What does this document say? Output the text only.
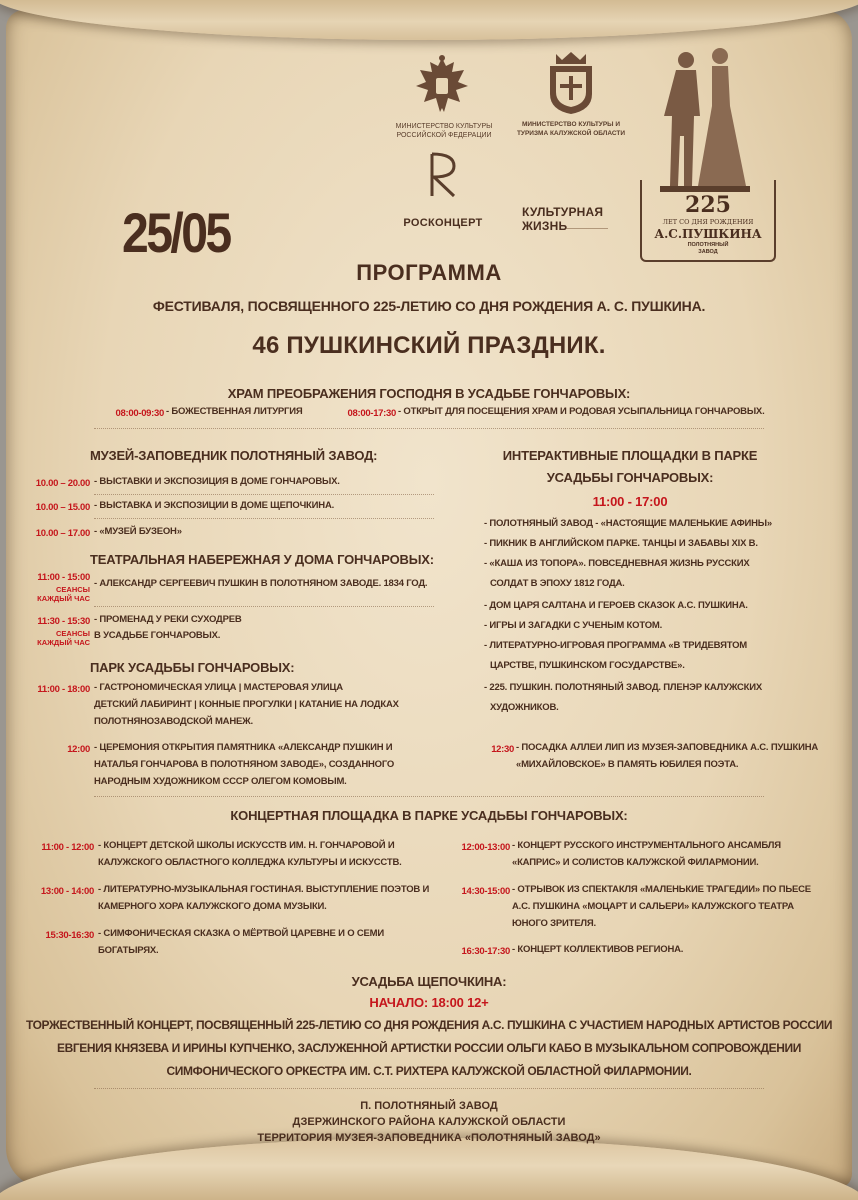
МИНИСТЕРСТВО КУЛЬТУРЫ РОССИЙСКОЙ ФЕДЕРАЦИИ
МИНИСТЕРСТВО КУЛЬТУРЫ И ТУРИЗМА КАЛУЖСКОЙ ОБЛАСТИ
РОСКОНЦЕРТ
КУЛЬТУРНАЯ
ЖИЗНЬ
225
ЛЕТ СО ДНЯ РОЖДЕНИЯ
А.С.ПУШКИНА
ПОЛОТНЯНЫЙ
ЗАВОД
25/05
ПРОГРАММА
ФЕСТИВАЛЯ, ПОСВЯЩЕННОГО 225-ЛЕТИЮ СО ДНЯ РОЖДЕНИЯ А. С. ПУШКИНА.
46 ПУШКИНСКИЙ ПРАЗДНИК.
ХРАМ ПРЕОБРАЖЕНИЯ ГОСПОДНЯ В УСАДЬБЕ ГОНЧАРОВЫХ:
08:00-09:30 - БОЖЕСТВЕННАЯ ЛИТУРГИЯ	08:00-17:30 - ОТКРЫТ ДЛЯ ПОСЕЩЕНИЯ ХРАМ И РОДОВАЯ УСЫПАЛЬНИЦА ГОНЧАРОВЫХ.
МУЗЕЙ-ЗАПОВЕДНИК ПОЛОТНЯНЫЙ ЗАВОД:
10.00 – 20.00 - ВЫСТАВКИ И ЭКСПОЗИЦИЯ В ДОМЕ ГОНЧАРОВЫХ.
10.00 – 15.00 - ВЫСТАВКА И ЭКСПОЗИЦИИ В ДОМЕ ЩЕПОЧКИНА.
10.00 – 17.00 - «МУЗЕЙ БУЗЕОН»
ТЕАТРАЛЬНАЯ НАБЕРЕЖНАЯ У ДОМА ГОНЧАРОВЫХ:
11:00 - 15:00
СЕАНСЫ
КАЖДЫЙ ЧАС
- АЛЕКСАНДР СЕРГЕЕВИЧ ПУШКИН В ПОЛОТНЯНОМ ЗАВОДЕ. 1834 ГОД.
11:30 - 15:30
СЕАНСЫ
КАЖДЫЙ ЧАС
- ПРОМЕНАД У РЕКИ СУХОДРЕВ
В УСАДЬБЕ ГОНЧАРОВЫХ.
ПАРК УСАДЬБЫ ГОНЧАРОВЫХ:
11:00 - 18:00 - ГАСТРОНОМИЧЕСКАЯ УЛИЦА | МАСТЕРОВАЯ УЛИЦА
ДЕТСКИЙ ЛАБИРИНТ | КОННЫЕ ПРОГУЛКИ | КАТАНИЕ НА ЛОДКАХ
ПОЛОТНЯНОЗАВОДСКОЙ МАНЕЖ.
12:00 - ЦЕРЕМОНИЯ ОТКРЫТИЯ ПАМЯТНИКА «АЛЕКСАНДР ПУШКИН И
НАТАЛЬЯ ГОНЧАРОВА В ПОЛОТНЯНОМ ЗАВОДЕ», СОЗДАННОГО
НАРОДНЫМ ХУДОЖНИКОМ СССР ОЛЕГОМ КОМОВЫМ.
ИНТЕРАКТИВНЫЕ ПЛОЩАДКИ В ПАРКЕ
УСАДЬБЫ ГОНЧАРОВЫХ:
11:00 - 17:00
- ПОЛОТНЯНЫЙ ЗАВОД - «НАСТОЯЩИЕ МАЛЕНЬКИЕ АФИНЫ»
- ПИКНИК В АНГЛИЙСКОМ ПАРКЕ. ТАНЦЫ И ЗАБАВЫ XIX В.
- «КАША ИЗ ТОПОРА». ПОВСЕДНЕВНАЯ ЖИЗНЬ РУССКИХ
СОЛДАТ В ЭПОХУ 1812 ГОДА.
- ДОМ ЦАРЯ САЛТАНА И ГЕРОЕВ СКАЗОК А.С. ПУШКИНА.
- ИГРЫ И ЗАГАДКИ С УЧЕНЫМ КОТОМ.
- ЛИТЕРАТУРНО-ИГРОВАЯ ПРОГРАММА «В ТРИДЕВЯТОМ
ЦАРСТВЕ, ПУШКИНСКОМ ГОСУДАРСТВЕ».
- 225. ПУШКИН. ПОЛОТНЯНЫЙ ЗАВОД. ПЛЕНЭР КАЛУЖСКИХ
ХУДОЖНИКОВ.
12:30 - ПОСАДКА АЛЛЕИ ЛИП ИЗ МУЗЕЯ-ЗАПОВЕДНИКА А.С. ПУШКИНА
«МИХАЙЛОВСКОЕ» В ПАМЯТЬ ЮБИЛЕЯ ПОЭТА.
КОНЦЕРТНАЯ ПЛОЩАДКА В ПАРКЕ УСАДЬБЫ ГОНЧАРОВЫХ:
11:00 - 12:00 - КОНЦЕРТ ДЕТСКОЙ ШКОЛЫ ИСКУССТВ ИМ. Н. ГОНЧАРОВОЙ И
КАЛУЖСКОГО ОБЛАСТНОГО КОЛЛЕДЖА КУЛЬТУРЫ И ИСКУССТВ.
13:00 - 14:00 - ЛИТЕРАТУРНО-МУЗЫКАЛЬНАЯ ГОСТИНАЯ. ВЫСТУПЛЕНИЕ ПОЭТОВ И
КАМЕРНОГО ХОРА КАЛУЖСКОГО ДОМА МУЗЫКИ.
15:30-16:30 - СИМФОНИЧЕСКАЯ СКАЗКА О МЁРТВОЙ ЦАРЕВНЕ И О СЕМИ
БОГАТЫРЯХ.
12:00-13:00 - КОНЦЕРТ РУССКОГО ИНСТРУМЕНТАЛЬНОГО АНСАМБЛЯ
«КАПРИС» И СОЛИСТОВ КАЛУЖСКОЙ ФИЛАРМОНИИ.
14:30-15:00 - ОТРЫВОК ИЗ СПЕКТАКЛЯ «МАЛЕНЬКИЕ ТРАГЕДИИ» ПО ПЬЕСЕ
А.С. ПУШКИНА «МОЦАРТ И САЛЬЕРИ» КАЛУЖСКОГО ТЕАТРА
ЮНОГО ЗРИТЕЛЯ.
16:30-17:30 - КОНЦЕРТ КОЛЛЕКТИВОВ РЕГИОНА.
УСАДЬБА ЩЕПОЧКИНА:
НАЧАЛО: 18:00 12+
ТОРЖЕСТВЕННЫЙ КОНЦЕРТ, ПОСВЯЩЕННЫЙ 225-ЛЕТИЮ СО ДНЯ РОЖДЕНИЯ А.С. ПУШКИНА С УЧАСТИЕМ НАРОДНЫХ АРТИСТОВ РОССИИ
ЕВГЕНИЯ КНЯЗЕВА И ИРИНЫ КУПЧЕНКО, ЗАСЛУЖЕННОЙ АРТИСТКИ РОССИИ ОЛЬГИ КАБО В МУЗЫКАЛЬНОМ СОПРОВОЖДЕНИИ
СИМФОНИЧЕСКОГО ОРКЕСТРА ИМ. С.Т. РИХТЕРА КАЛУЖСКОЙ ОБЛАСТНОЙ ФИЛАРМОНИИ.
П. ПОЛОТНЯНЫЙ ЗАВОД
ДЗЕРЖИНСКОГО РАЙОНА КАЛУЖСКОЙ ОБЛАСТИ
ТЕРРИТОРИЯ МУЗЕЯ-ЗАПОВЕДНИКА «ПОЛОТНЯНЫЙ ЗАВОД»
